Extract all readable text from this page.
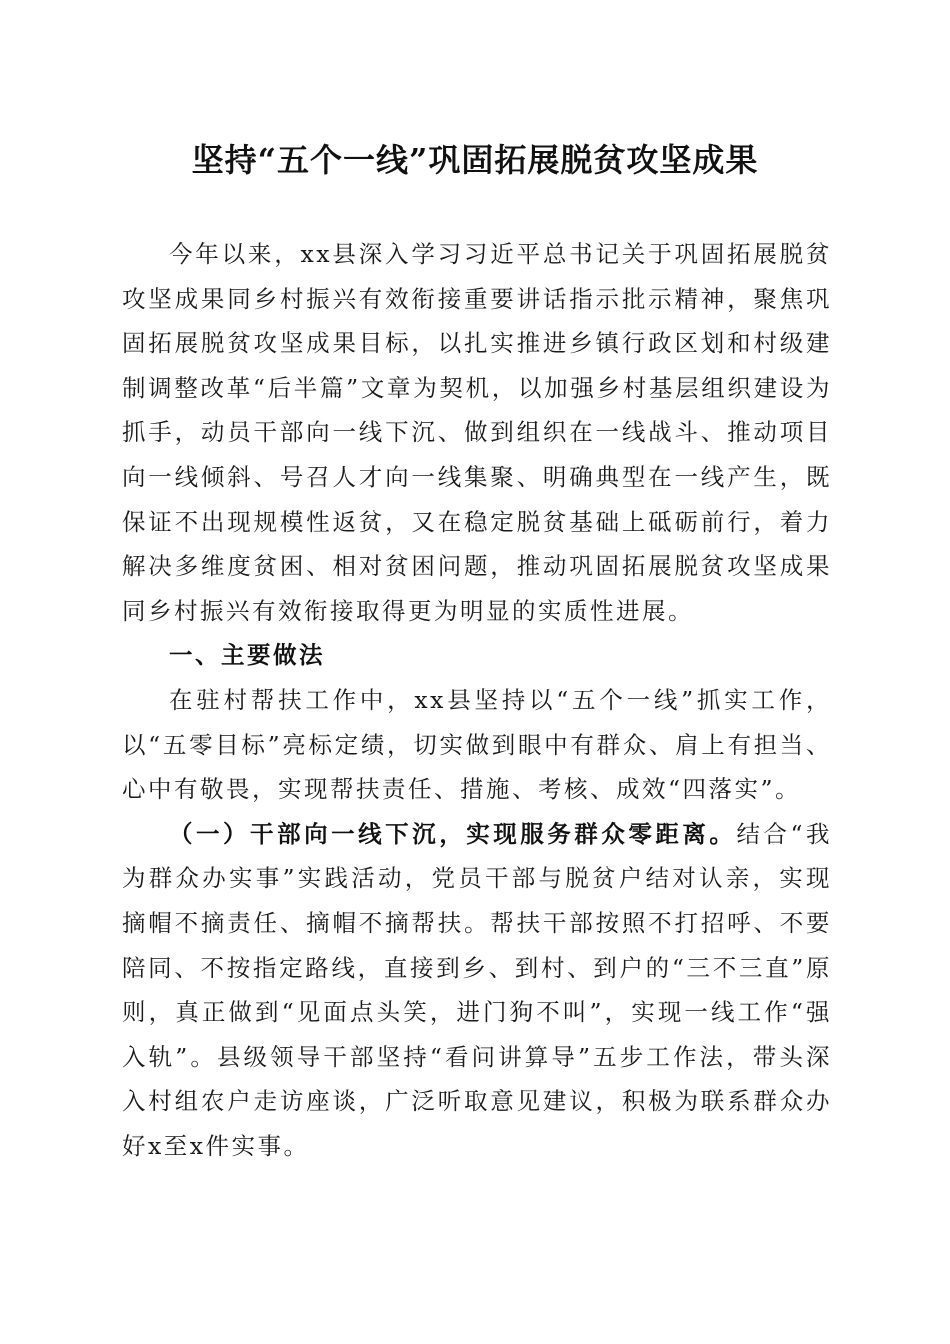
坚持“五个一线”巩固拓展脱贫攻坚成果

今年以来，xx县深入学习习近平总书记关于巩固拓展脱贫攻坚成果同乡村振兴有效衔接重要讲话指示批示精神，聚焦巩固拓展脱贫攻坚成果目标，以扎实推进乡镇行政区划和村级建制调整改革“后半篇”文章为契机，以加强乡村基层组织建设为抓手，动员干部向一线下沉、做到组织在一线战斗、推动项目向一线倾斜、号召人才向一线集聚、明确典型在一线产生，既保证不出现规模性返贫，又在稳定脱贫基础上砥砺前行，着力解决多维度贫困、相对贫困问题，推动巩固拓展脱贫攻坚成果同乡村振兴有效衔接取得更为明显的实质性进展。

一、主要做法

在驻村帮扶工作中，xx县坚持以“五个一线”抓实工作，以“五零目标”亮标定绩，切实做到眼中有群众、肩上有担当、心中有敬畏，实现帮扶责任、措施、考核、成效“四落实”。

（一）干部向一线下沉，实现服务群众零距离。结合“我为群众办实事”实践活动，党员干部与脱贫户结对认亲，实现摘帽不摘责任、摘帽不摘帮扶。帮扶干部按照不打招呼、不要陪同、不按指定路线，直接到乡、到村、到户的“三不三直”原则，真正做到“见面点头笑，进门狗不叫”，实现一线工作“强入轨”。县级领导干部坚持“看问讲算导”五步工作法，带头深入村组农户走访座谈，广泛听取意见建议，积极为联系群众办好x至x件实事。
